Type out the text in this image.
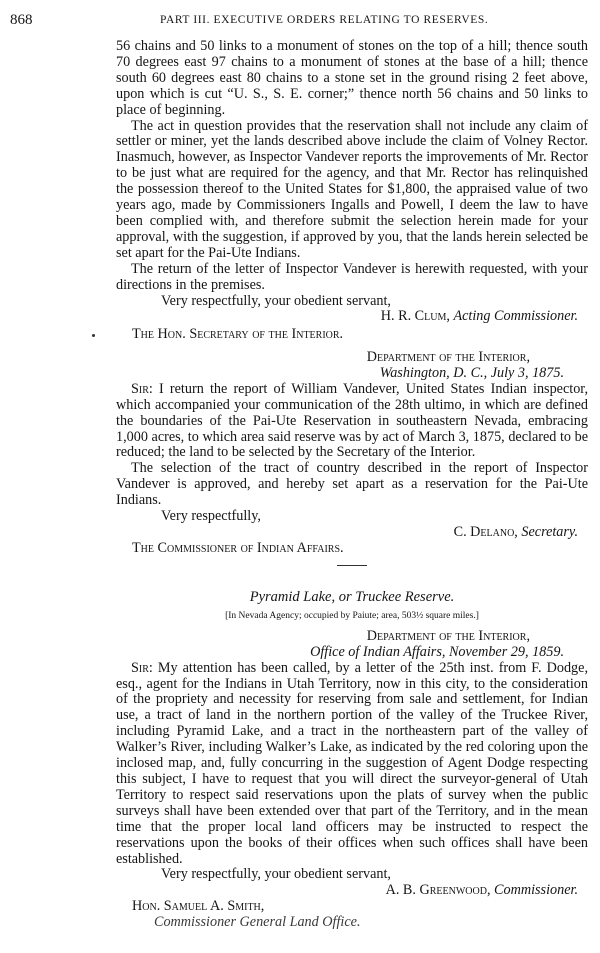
868	PART III. EXECUTIVE ORDERS RELATING TO RESERVES.

56 chains and 50 links to a monument of stones on the top of a hill; thence south 70 degrees east 97 chains to a monument of stones at the base of a hill; thence south 60 degrees east 80 chains to a stone set in the ground rising 2 feet above, upon which is cut “U. S., S. E. corner;” thence north 56 chains and 50 links to place of beginning.

The act in question provides that the reservation shall not include any claim of settler or miner, yet the lands described above include the claim of Volney Rector. Inasmuch, however, as Inspector Vandever reports the improvements of Mr. Rector to be just what are required for the agency, and that Mr. Rector has relinquished the possession thereof to the United States for $1,800, the appraised value of two years ago, made by Commissioners Ingalls and Powell, I deem the law to have been complied with, and therefore submit the selection herein made for your approval, with the suggestion, if approved by you, that the lands herein selected be set apart for the Pai-Ute Indians.

The return of the letter of Inspector Vandever is herewith requested, with your directions in the premises.

Very respectfully, your obedient servant,

H. R. Clum, Acting Commissioner.

The Hon. Secretary of the Interior.

Department of the Interior,

Washington, D. C., July 3, 1875.

Sir: I return the report of William Vandever, United States Indian inspector, which accompanied your communication of the 28th ultimo, in which are defined the boundaries of the Pai-Ute Reservation in southeastern Nevada, embracing 1,000 acres, to which area said reserve was by act of March 3, 1875, declared to be reduced; the land to be selected by the Secretary of the Interior.

The selection of the tract of country described in the report of Inspector Vandever is approved, and hereby set apart as a reservation for the Pai-Ute Indians.

Very respectfully,

C. Delano, Secretary.

The Commissioner of Indian Affairs.

Pyramid Lake, or Truckee Reserve.

[In Nevada Agency; occupied by Paiute; area, 503½ square miles.]

Department of the Interior,

Office of Indian Affairs, November 29, 1859.

Sir: My attention has been called, by a letter of the 25th inst. from F. Dodge, esq., agent for the Indians in Utah Territory, now in this city, to the consideration of the propriety and necessity for reserving from sale and settlement, for Indian use, a tract of land in the northern portion of the valley of the Truckee River, including Pyramid Lake, and a tract in the northeastern part of the valley of Walker’s River, including Walker’s Lake, as indicated by the red coloring upon the inclosed map, and, fully concurring in the suggestion of Agent Dodge respecting this subject, I have to request that you will direct the surveyor-general of Utah Territory to respect said reservations upon the plats of survey when the public surveys shall have been extended over that part of the Territory, and in the mean time that the proper local land officers may be instructed to respect the reservations upon the books of their offices when such offices shall have been established.

Very respectfully, your obedient servant,

A. B. Greenwood, Commissioner.

Hon. Samuel A. Smith,

Commissioner General Land Office.
